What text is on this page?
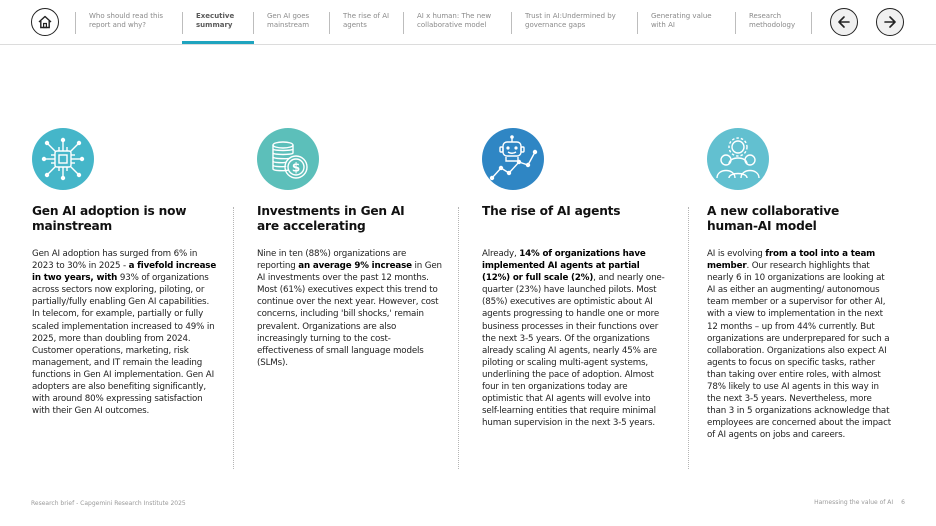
Who should read this
report and why?
Executive
summary
Gen AI goes
mainstream
The rise of AI
agents
AI x human: The new
collaborative model
Trust in AI:Undermined by
governance gaps
Generating value
with AI
Research
methodology
Gen AI adoption is now
mainstream
Gen AI adoption has surged from 6% in 2023 to 30% in 2025 - a fivefold increase in two years, with 93% of organizations across sectors now exploring, piloting, or partially/fully enabling Gen AI capabilities. In telecom, for example, partially or fully scaled implementation increased to 49% in 2025, more than doubling from 2024. Customer operations, marketing, risk management, and IT remain the leading functions in Gen AI implementation. Gen AI adopters are also benefiting significantly, with around 80% expressing satisfaction with their Gen AI outcomes.
$
Investments in Gen AI
are accelerating
Nine in ten (88%) organizations are reporting an average 9% increase in Gen AI investments over the past 12 months. Most (61%) executives expect this trend to continue over the next year. However, cost concerns, including 'bill shocks,' remain prevalent. Organizations are also increasingly turning to the cost-effectiveness of small language models (SLMs).
The rise of AI agents
Already, 14% of organizations have implemented AI agents at partial (12%) or full scale (2%), and nearly one-quarter (23%) have launched pilots. Most (85%) executives are optimistic about AI agents progressing to handle one or more business processes in their functions over the next 3-5 years. Of the organizations already scaling AI agents, nearly 45% are piloting or scaling multi-agent systems, underlining the pace of adoption. Almost four in ten organizations today are optimistic that AI agents will evolve into self-learning entities that require minimal human supervision in the next 3-5 years.
A new collaborative
human-AI model
AI is evolving from a tool into a team member. Our research highlights that nearly 6 in 10 organizations are looking at AI as either an augmenting/ autonomous team member or a supervisor for other AI, with a view to implementation in the next 12 months – up from 44% currently. But organizations are underprepared for such a collaboration. Organizations also expect AI agents to focus on specific tasks, rather than taking over entire roles, with almost 78% likely to use AI agents in this way in the next 3-5 years. Nevertheless, more than 3 in 5 organizations acknowledge that employees are concerned about the impact of AI agents on jobs and careers.
Research brief - Capgemini Research Institute 2025	Harnessing the value of AI 6
